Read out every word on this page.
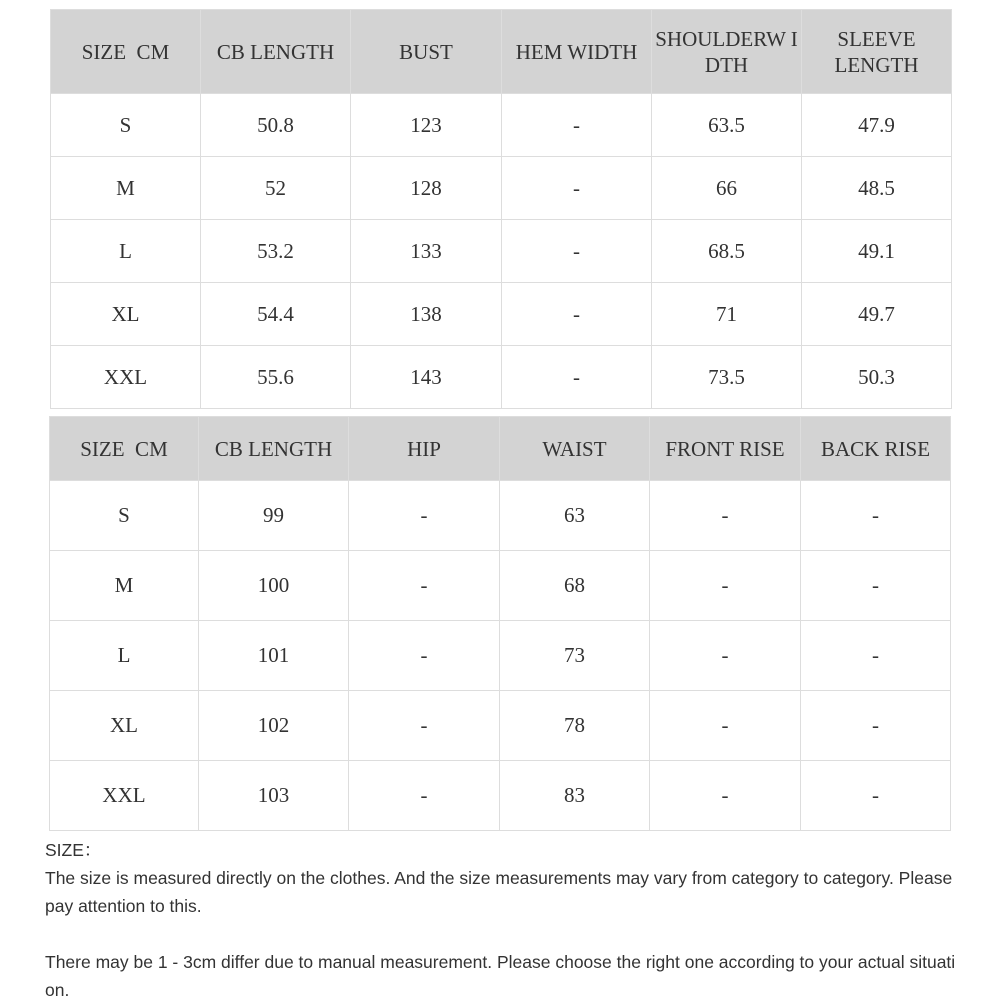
SIZE  CM	CB LENGTH	BUST	HEM WIDTH	SHOULDERW IDTH	SLEEVE LENGTH
S	50.8	123	-	63.5	47.9
M	52	128	-	66	48.5
L	53.2	133	-	68.5	49.1
XL	54.4	138	-	71	49.7
XXL	55.6	143	-	73.5	50.3
SIZE  CM	CB LENGTH	HIP	WAIST	FRONT RISE	BACK RISE
S	99	-	63	-	-
M	100	-	68	-	-
L	101	-	73	-	-
XL	102	-	78	-	-
XXL	103	-	83	-	-

SIZE：

The size is measured directly on the clothes. And the size measurements may vary from category to category. Please pay attention to this.

There may be 1 - 3cm differ due to manual measurement. Please choose the right one according to your actual situation.
